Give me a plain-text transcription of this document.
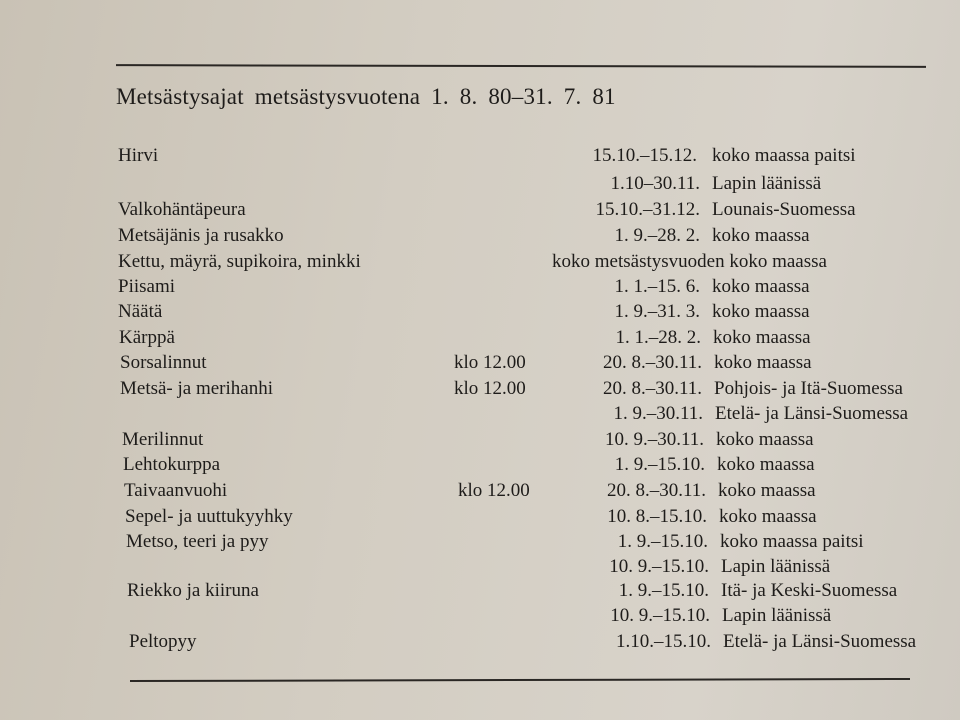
Metsästysajat metsästysvuotena 1. 8. 80–31. 7. 81
Hirvi	15.10.–15.12. koko maassa paitsi
1.10–30.11. Lapin läänissä
Valkohäntäpeura	15.10.–31.12. Lounais-Suomessa
Metsäjänis ja rusakko	1. 9.–28. 2. koko maassa
Kettu, mäyrä, supikoira, minkki	koko metsästysvuoden koko maassa
Piisami	1. 1.–15. 6. koko maassa
Näätä	1. 9.–31. 3. koko maassa
Kärppä	1. 1.–28. 2. koko maassa
Sorsalinnut	klo 12.00	20. 8.–30.11. koko maassa
Metsä- ja merihanhi	klo 12.00	20. 8.–30.11. Pohjois- ja Itä-Suomessa
1. 9.–30.11. Etelä- ja Länsi-Suomessa
Merilinnut	10. 9.–30.11. koko maassa
Lehtokurppa	1. 9.–15.10. koko maassa
Taivaanvuohi	klo 12.00	20. 8.–30.11. koko maassa
Sepel- ja uuttukyyhky	10. 8.–15.10. koko maassa
Metso, teeri ja pyy	1. 9.–15.10. koko maassa paitsi
10. 9.–15.10. Lapin läänissä
Riekko ja kiiruna	1. 9.–15.10. Itä- ja Keski-Suomessa
10. 9.–15.10. Lapin läänissä
Peltopyy	1.10.–15.10. Etelä- ja Länsi-Suomessa
